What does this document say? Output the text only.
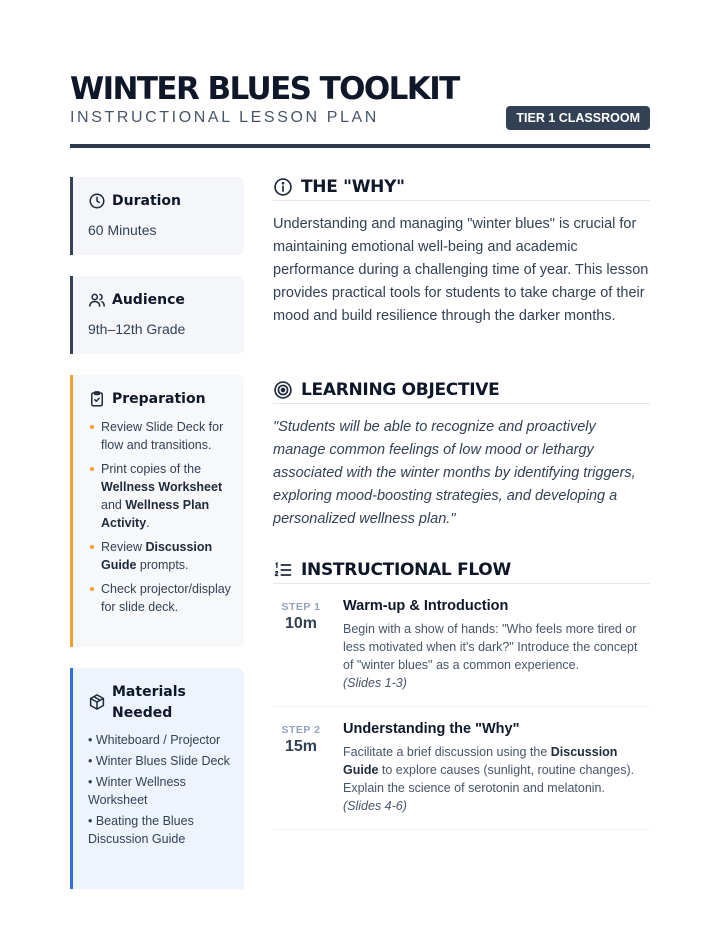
WINTER BLUES TOOLKIT
INSTRUCTIONAL LESSON PLAN	TIER 1 CLASSROOM
Duration
60 Minutes
Audience
9th–12th Grade
Preparation
Review Slide Deck for flow and transitions.
Print copies of the Wellness Worksheet and Wellness Plan Activity.
Review Discussion Guide prompts.
Check projector/display for slide deck.
Materials Needed
• Whiteboard / Projector
• Winter Blues Slide Deck
• Winter Wellness Worksheet
• Beating the Blues Discussion Guide
THE "WHY"

Understanding and managing "winter blues" is crucial for maintaining emotional well-being and academic performance during a challenging time of year. This lesson provides practical tools for students to take charge of their mood and build resilience through the darker months.

LEARNING OBJECTIVE

"Students will be able to recognize and proactively manage common feelings of low mood or lethargy associated with the winter months by identifying triggers, exploring mood-boosting strategies, and developing a personalized wellness plan."

INSTRUCTIONAL FLOW
STEP 1
10m
Warm-up & Introduction
Begin with a show of hands: "Who feels more tired or less motivated when it's dark?" Introduce the concept of "winter blues" as a common experience.
(Slides 1-3)
STEP 2
15m
Understanding the "Why"
Facilitate a brief discussion using the Discussion Guide to explore causes (sunlight, routine changes). Explain the science of serotonin and melatonin.
(Slides 4-6)
